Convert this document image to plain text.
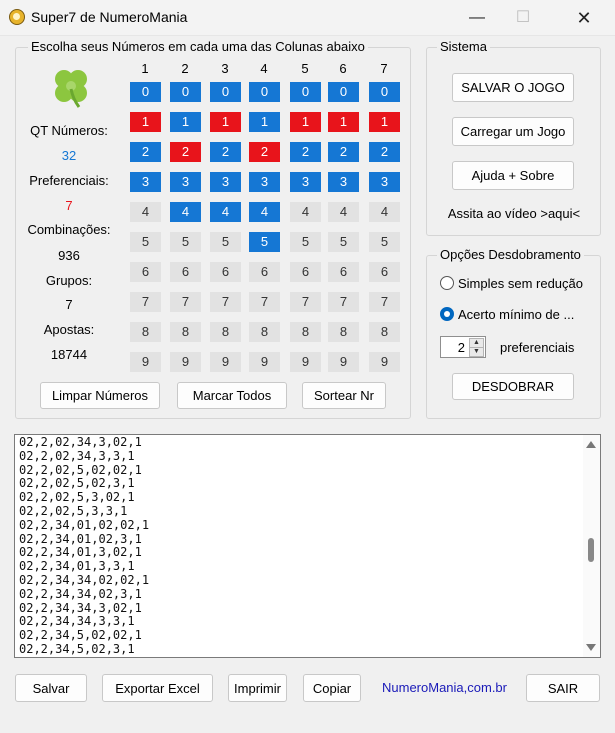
Super7 de NumeroMania	—	☐	✕
Escolha seus Números em cada uma das Colunas abaixo
QT Números:
32
Preferenciais:
7
Combinações:
936
Grupos:
7
Apostas:
18744
1	2	3	4	5	6	7
0	0	0	0	0	0	0
1	1	1	1	1	1	1
2	2	2	2	2	2	2
3	3	3	3	3	3	3
4	4	4	4	4	4	4
5	5	5	5	5	5	5
6	6	6	6	6	6	6
7	7	7	7	7	7	7
8	8	8	8	8	8	8
9	9	9	9	9	9	9
Limpar Números	Marcar Todos	Sortear Nr
Sistema
SALVAR O JOGO
Carregar um Jogo
Ajuda + Sobre
Assita ao vídeo >aqui<
Opções Desdobramento
Simples sem redução
Acerto mínimo de ...
2	▲
▼	preferenciais
DESDOBRAR
02,2,02,34,3,02,1
02,2,02,34,3,3,1
02,2,02,5,02,02,1
02,2,02,5,02,3,1
02,2,02,5,3,02,1
02,2,02,5,3,3,1
02,2,34,01,02,02,1
02,2,34,01,02,3,1
02,2,34,01,3,02,1
02,2,34,01,3,3,1
02,2,34,34,02,02,1
02,2,34,34,02,3,1
02,2,34,34,3,02,1
02,2,34,34,3,3,1
02,2,34,5,02,02,1
02,2,34,5,02,3,1
Salvar	Exportar Excel	Imprimir	Copiar	NumeroMania,com.br	SAIR
